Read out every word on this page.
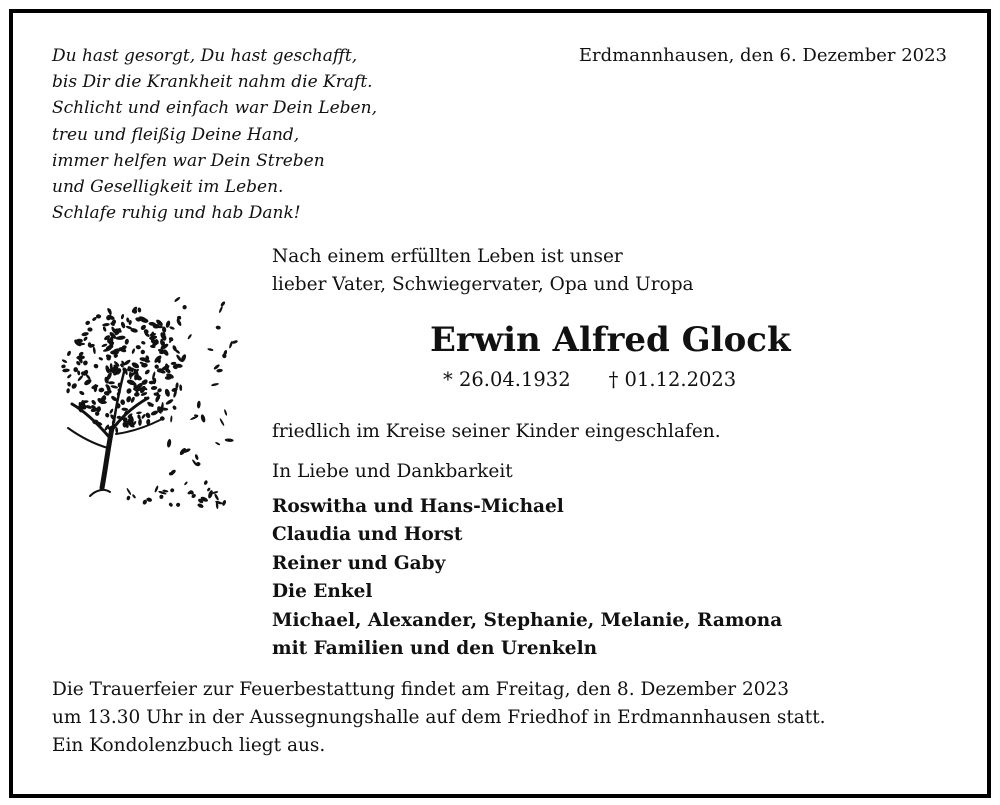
Du hast gesorgt, Du hast geschafft,
bis Dir die Krankheit nahm die Kraft.
Schlicht und einfach war Dein Leben,
treu und fleißig Deine Hand,
immer helfen war Dein Streben
und Geselligkeit im Leben.
Schlafe ruhig und hab Dank!
Erdmannhausen, den 6. Dezember 2023
Nach einem erfüllten Leben ist unser
lieber Vater, Schwiegervater, Opa und Uropa
Erwin Alfred Glock
* 26.04.1932 † 01.12.2023
friedlich im Kreise seiner Kinder eingeschlafen.
In Liebe und Dankbarkeit
Roswitha und Hans-Michael
Claudia und Horst
Reiner und Gaby
Die Enkel
Michael, Alexander, Stephanie, Melanie, Ramona
mit Familien und den Urenkeln
Die Trauerfeier zur Feuerbestattung findet am Freitag, den 8. Dezember 2023
um 13.30 Uhr in der Aussegnungshalle auf dem Friedhof in Erdmannhausen statt.
Ein Kondolenzbuch liegt aus.
